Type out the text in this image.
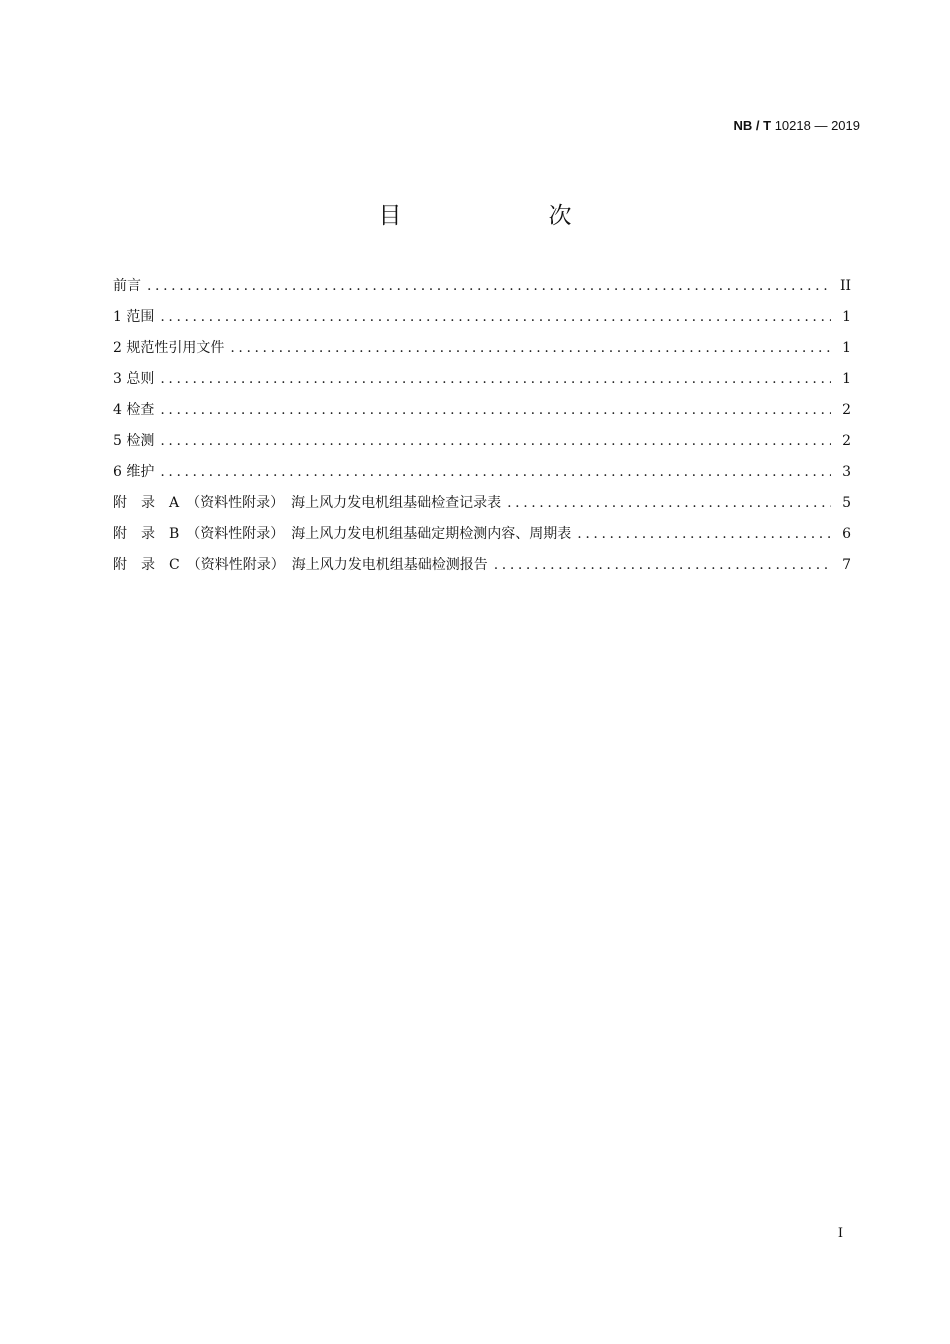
NB / T 10218 — 2019
目　次
前言 .....	II
1 范围 .....	1
2 规范性引用文件 .....	1
3 总则 .....	1
4 检查 .....	2
5 检测 .....	2
6 维护 .....	3
附　录　A　（资料性附录）　海上风力发电机组基础检查记录表 .....	5
附　录　B　（资料性附录）　海上风力发电机组基础定期检测内容、周期表 .....	6
附　录　C　（资料性附录）　海上风力发电机组基础检测报告 .....	7
I
